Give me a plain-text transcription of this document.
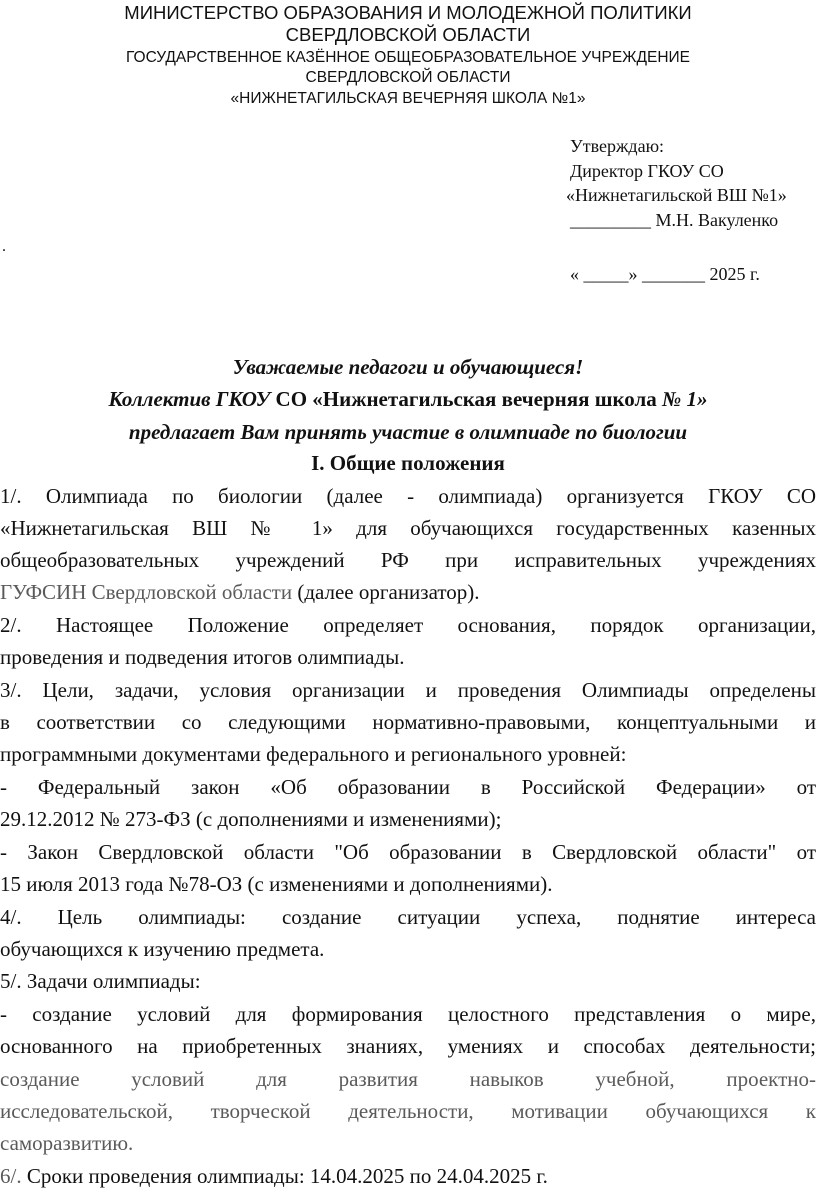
МИНИСТЕРСТВО ОБРАЗОВАНИЯ И МОЛОДЕЖНОЙ ПОЛИТИКИ
СВЕРДЛОВСКОЙ ОБЛАСТИ
ГОСУДАРСТВЕННОЕ КАЗЁННОЕ ОБЩЕОБРАЗОВАТЕЛЬНОЕ УЧРЕЖДЕНИЕ
СВЕРДЛОВСКОЙ ОБЛАСТИ
«НИЖНЕТАГИЛЬСКАЯ ВЕЧЕРНЯЯ ШКОЛА №1»
Утверждаю:
Директор ГКОУ СО
«Нижнетагильской ВШ №1»
_________ М.Н. Вакуленко
.
« _____» _______ 2025 г.
Уважаемые педагоги и обучающиеся!
Коллектив ГКОУ СО «Нижнетагильская вечерняя школа № 1»
предлагает Вам принять участие в олимпиаде по биологии
I. Общие положения
1/. Олимпиада по биологии (далее - олимпиада) организуется ГКОУ СО
«Нижнетагильская ВШ № 1» для обучающихся государственных казенных
общеобразовательных учреждений РФ при исправительных учреждениях
ГУФСИН Свердловской области (далее организатор).
2/. Настоящее Положение определяет основания, порядок организации,
проведения и подведения итогов олимпиады.
3/. Цели, задачи, условия организации и проведения Олимпиады определены
в соответствии со следующими нормативно-правовыми, концептуальными и
программными документами федерального и регионального уровней:
- Федеральный закон «Об образовании в Российской Федерации» от
29.12.2012 № 273-ФЗ (с дополнениями и изменениями);
- Закон Свердловской области "Об образовании в Свердловской области" от
15 июля 2013 года №78-ОЗ (с изменениями и дополнениями).
4/. Цель олимпиады: создание ситуации успеха, поднятие интереса
обучающихся к изучению предмета.
5/. Задачи олимпиады:
- создание условий для формирования целостного представления о мире,
основанного на приобретенных знаниях, умениях и способах деятельности;
создание условий для развития навыков учебной, проектно-
исследовательской, творческой деятельности, мотивации обучающихся к
саморазвитию.
6/. Сроки проведения олимпиады: 14.04.2025 по 24.04.2025 г.
